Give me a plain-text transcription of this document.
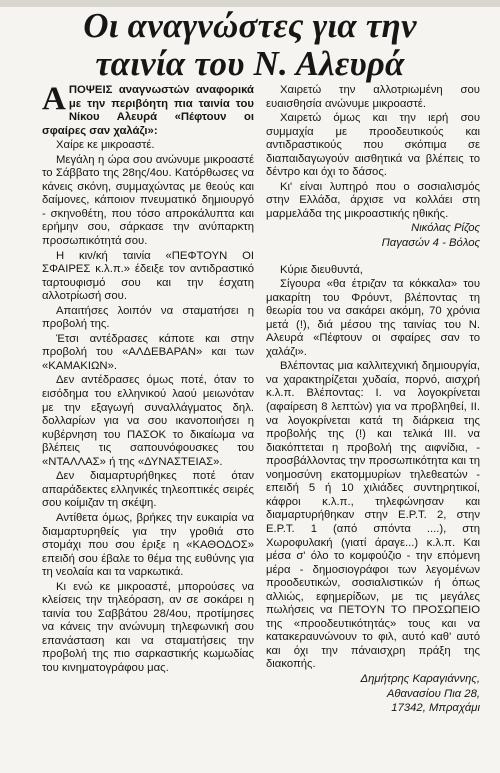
Οι αναγνώστες για την
ταινία του Ν. Αλευρά

ΑΠΟΨΕΙΣ αναγνωστών αναφορικά με την περιβόητη πια ταινία του Νίκου Αλευρά «Πέφτουν οι σφαίρες σαν χαλάζι»:

Χαίρε κε μικροαστέ.

Μεγάλη η ώρα σου ανώνυμε μικροαστέ το Σάββατο της 28ης/4ου. Κατόρθωσες να κάνεις σκόνη, συμμαχώντας με θεούς και δαίμονες, κάποιον πνευματικό δημιουργό - σκηνοθέτη, που τόσο απροκάλυπτα και ερήμην σου, σάρκασε την ανύπαρκτη προσωπικότητά σου.

Η κιν/κή ταινία «ΠΕΦΤΟΥΝ ΟΙ ΣΦΑΙΡΕΣ κ.λ.π.» έδειξε τον αντιδραστικό ταρτουφισμό σου και την έσχατη αλλοτρίωσή σου.

Απαιτήσες λοιπόν να σταματήσει η προβολή της.

Έτσι αντέδρασες κάποτε και στην προβολή του «ΑΛΔΕΒΑΡΑΝ» και των «ΚΑΜΑΚΙΩΝ».

Δεν αντέδρασες όμως ποτέ, όταν το εισόδημα του ελληνικού λαού μειωνόταν με την εξαγωγή συναλλάγματος δηλ. δολλαρίων για να σου ικανοποιήσει η κυβέρνηση του ΠΑΣΟΚ το δικαίωμα να βλέπεις τις σαπουνόφουσκες του «ΝΤΑΛΛΑΣ» ή της «ΔΥΝΑΣΤΕΙΑΣ».

Δεν διαμαρτυρήθηκες ποτέ όταν απαράδεκτες ελληνικές τηλεοπτικές σειρές σου κοίμιζαν τη σκέψη.

Αντίθετα όμως, βρήκες την ευκαιρία να διαμαρτυρηθείς για την γροθιά στο στομάχι που σου έριξε η «ΚΑΘΟΔΟΣ» επειδή σου έβαλε το θέμα της ευθύνης για τη νεολαία και τα ναρκωτικά.

Κι ενώ κε μικροαστέ, μπορούσες να κλείσεις την τηλεόραση, αν σε σοκάρει η ταινία του Σαββάτου 28/4ου, προτίμησες να κάνεις την ανώνυμη τηλεφωνική σου επανάσταση και να σταματήσεις την προβολή της πιο σαρκαστικής κωμωδίας του κινηματογράφου μας.

Χαιρετώ την αλλοτριωμένη σου ευαισθησία ανώνυμε μικροαστέ.

Χαιρετώ όμως και την ιερή σου συμμαχία με προοδευτικούς και αντιδραστικούς που σκόπιμα σε διαπαιδαγωγούν αισθητικά να βλέπεις το δέντρο και όχι το δάσος.

Κι' είναι λυπηρό που ο σοσιαλισμός στην Ελλάδα, άρχισε να κολλάει στη μαρμελάδα της μικροαστικής ηθικής.

Νικόλας Ρίζος

Παγασών 4 - Βόλος

Κύριε διευθυντά,

Σίγουρα «θα έτριζαν τα κόκκαλα» του μακαρίτη του Φρόυντ, βλέποντας τη θεωρία του να σακάρει ακόμη, 70 χρόνια μετά (!), διά μέσου της ταινίας του Ν. Αλευρά «Πέφτουν οι σφαίρες σαν το χαλάζι».

Βλέποντας μια καλλιτεχνική δημιουργία, να χαρακτηρίζεται χυδαία, πορνό, αισχρή κ.λ.π. Βλέποντας: I. να λογοκρίνεται (αφαίρεση 8 λεπτών) για να προβληθεί, II. να λογοκρίνεται κατά τη διάρκεια της προβολής της (!) και τελικά III. να διακόπτεται η προβολή της αιφνίδια, - προσβάλλοντας την προσωπικότητα και τη νοημοσύνη εκατομμυρίων τηλεθεατών - επειδή 5 ή 10 χιλιάδες συντηρητικοί, κάφροι κ.λ.π., τηλεφώνησαν και διαμαρτυρήθηκαν στην Ε.Ρ.Τ. 2, στην Ε.Ρ.Τ. 1 (από σπόντα ....), στη Χωροφυλακή (γιατί άραγε...) κ.λ.π. Και μέσα σ' όλο το κομφούζιο - την επόμενη μέρα - δημοσιογράφοι των λεγομένων προοδευτικών, σοσιαλιστικών ή όπως αλλιώς, εφημερίδων, με τις μεγάλες πωλήσεις να ΠΕΤΟΥΝ ΤΟ ΠΡΟΣΩΠΕΙΟ της «προοδευτικότητάς» τους και να κατακεραυνώνουν το φιλ, αυτό καθ' αυτό και όχι την πάναισχρη πράξη της διακοπής.

Δημήτρης Καραγιάννης,

Αθανασίου Πια 28,

17342, Μπραχάμι
